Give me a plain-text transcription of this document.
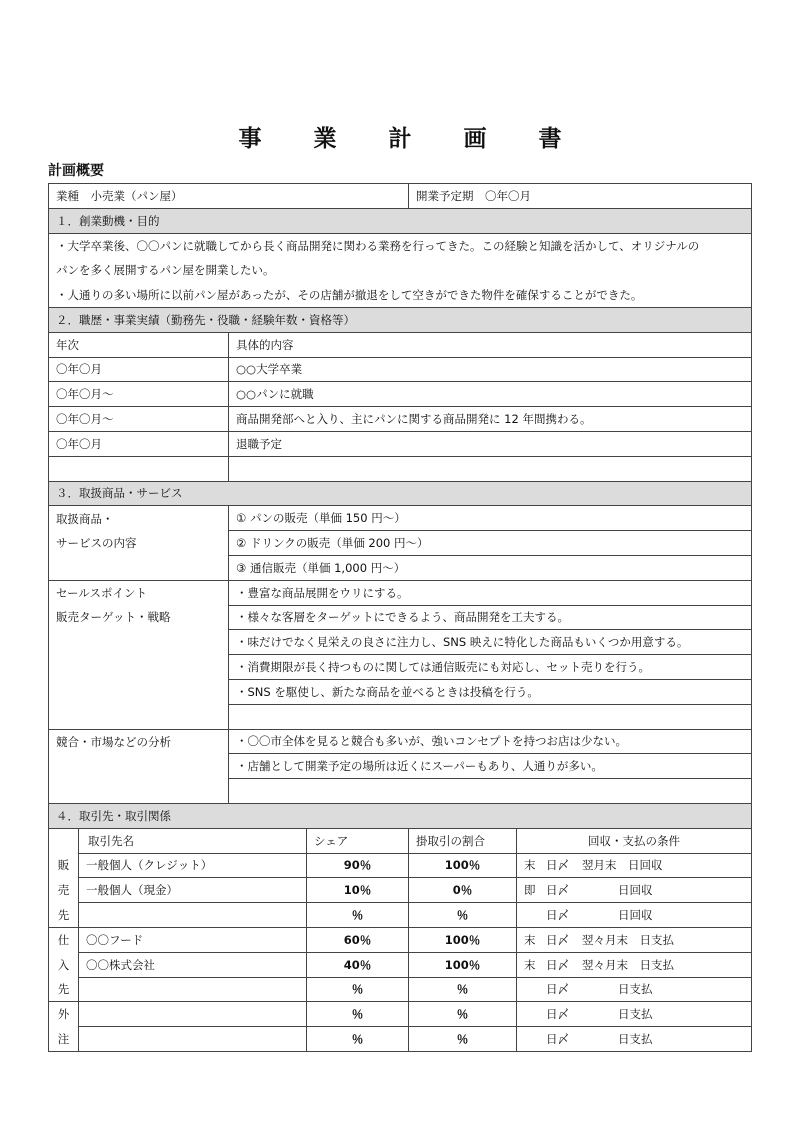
事 業 計 画 書
計画概要
業種　小売業（パン屋）				開業予定期　〇年〇月	
１．創業動機・目的					
・大学卒業後、〇〇パンに就職してから長く商品開発に関わる業務を行ってきた。この経験と知識を活かして、オリジナルの					
パンを多く展開するパン屋を開業したい。					
・人通りの多い場所に以前パン屋があったが、その店舗が撤退をして空きができた物件を確保することができた。					
２．職歴・事業実績（勤務先・役職・経験年数・資格等）					
年次		具体的内容			
〇年〇月		○○大学卒業			
〇年〇月～		○○パンに就職			
〇年〇月～		商品開発部へと入り、主にパンに関する商品開発に 12 年間携わる。			
〇年〇月		退職予定			

３．取扱商品・サービス					
取扱商品・		① パンの販売（単価 150 円～）			
サービスの内容		② ドリンクの販売（単価 200 円～）			
		③ 通信販売（単価 1,000 円～）			
セールスポイント		・豊富な商品展開をウリにする。			
販売ターゲット・戦略		・様々な客層をターゲットにできるよう、商品開発を工夫する。			
		・味だけでなく見栄えの良さに注力し、SNS 映えに特化した商品もいくつか用意する。			
		・消費期限が長く持つものに関しては通信販売にも対応し、セット売りを行う。			
		・SNS を駆使し、新たな商品を並べるときは投稿を行う。			

競合・市場などの分析		・〇〇市全体を見ると競合も多いが、強いコンセプトを持つお店は少ない。			
		・店舗として開業予定の場所は近くにスーパーもあり、人通りが多い。			

４．取引先・取引関係					
	取引先名		シェア	掛取引の割合	回収・支払の条件
販	一般個人（クレジット）		90％	100％	末 日〆 翌月末　日回収
売	一般個人（現金）		10％	0％	即 日〆 日回収
先			％	％	日〆 日回収
仕	〇〇フード		60％	100％	末 日〆 翌々月末　日支払
入	〇〇株式会社		40％	100％	末 日〆 翌々月末　日支払
先			％	％	日〆 日支払
外			％	％	日〆 日支払
注			％	％	日〆 日支払
